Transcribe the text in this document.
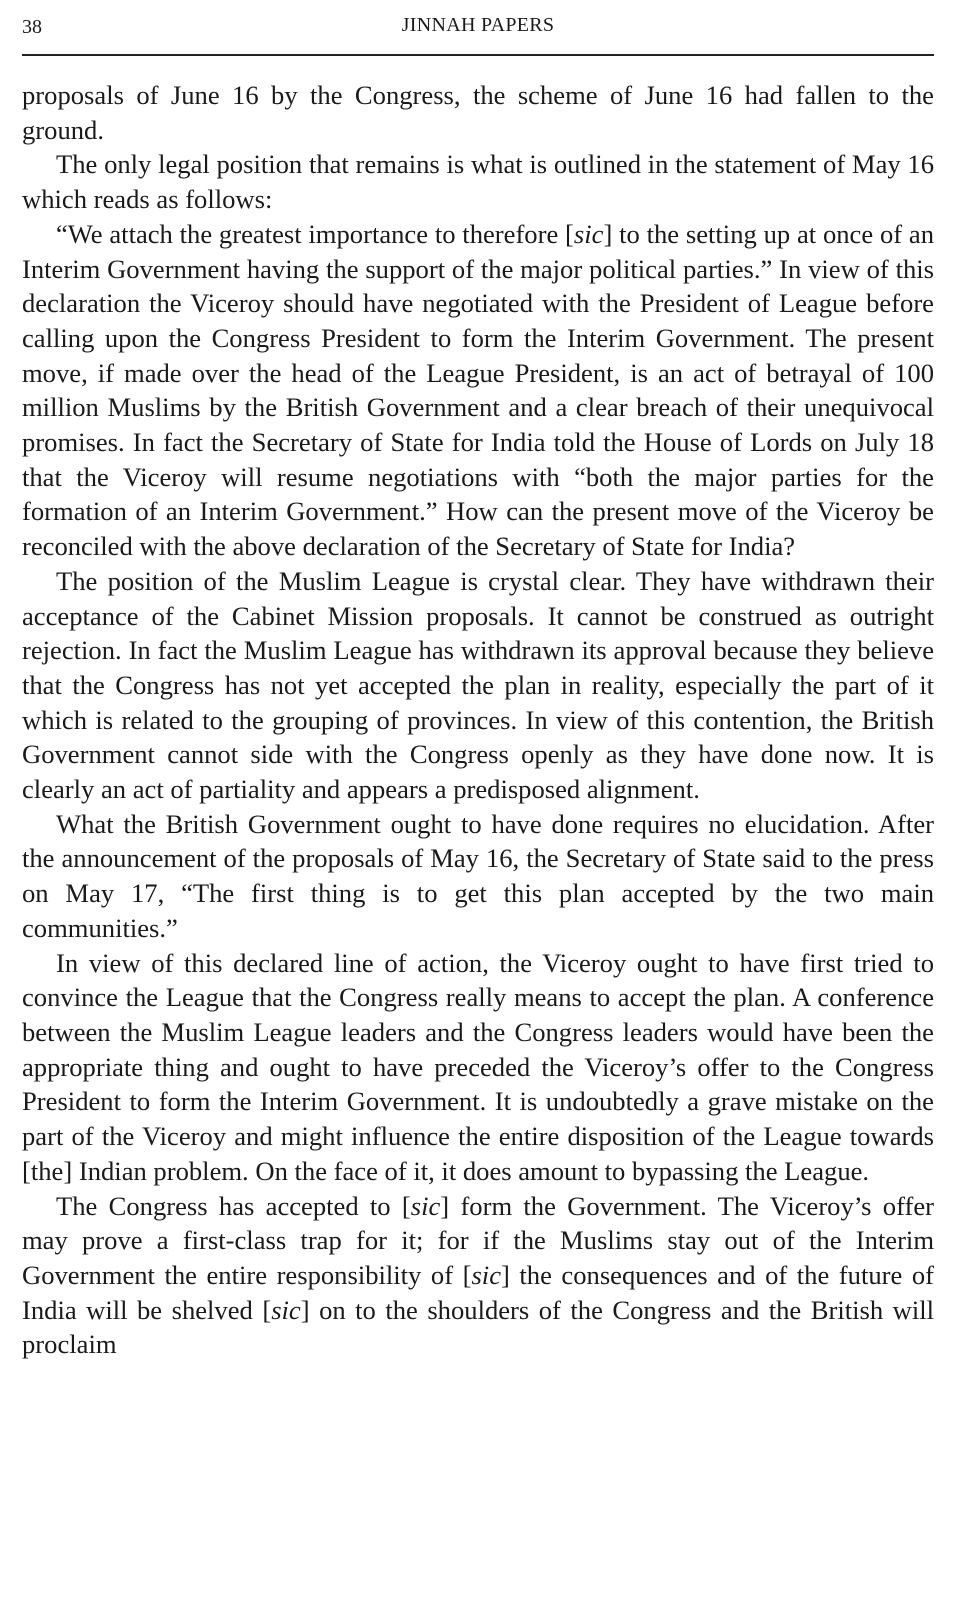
38	JINNAH PAPERS

proposals of June 16 by the Congress, the scheme of June 16 had fallen to the ground.

The only legal position that remains is what is outlined in the statement of May 16 which reads as follows:

“We attach the greatest importance to therefore [sic] to the setting up at once of an Interim Government having the support of the major political parties.” In view of this declaration the Viceroy should have negotiated with the President of League before calling upon the Congress President to form the Interim Government. The present move, if made over the head of the League President, is an act of betrayal of 100 million Muslims by the British Government and a clear breach of their unequivocal promises. In fact the Secretary of State for India told the House of Lords on July 18 that the Viceroy will resume negotiations with “both the major parties for the formation of an Interim Government.” How can the present move of the Viceroy be reconciled with the above declaration of the Secretary of State for India?

The position of the Muslim League is crystal clear. They have withdrawn their acceptance of the Cabinet Mission proposals. It cannot be construed as outright rejection. In fact the Muslim League has withdrawn its approval because they believe that the Congress has not yet accepted the plan in reality, especially the part of it which is related to the grouping of provinces. In view of this contention, the British Government cannot side with the Congress openly as they have done now. It is clearly an act of partiality and appears a predisposed alignment.

What the British Government ought to have done requires no elucidation. After the announcement of the proposals of May 16, the Secretary of State said to the press on May 17, “The first thing is to get this plan accepted by the two main communities.”

In view of this declared line of action, the Viceroy ought to have first tried to convince the League that the Congress really means to accept the plan. A conference between the Muslim League leaders and the Congress leaders would have been the appropriate thing and ought to have preceded the Viceroy’s offer to the Congress President to form the Interim Government. It is undoubtedly a grave mistake on the part of the Viceroy and might influence the entire disposition of the League towards [the] Indian problem. On the face of it, it does amount to bypassing the League.

The Congress has accepted to [sic] form the Government. The Viceroy’s offer may prove a first-class trap for it; for if the Muslims stay out of the Interim Government the entire responsibility of [sic] the consequences and of the future of India will be shelved [sic] on to the shoulders of the Congress and the British will proclaim
